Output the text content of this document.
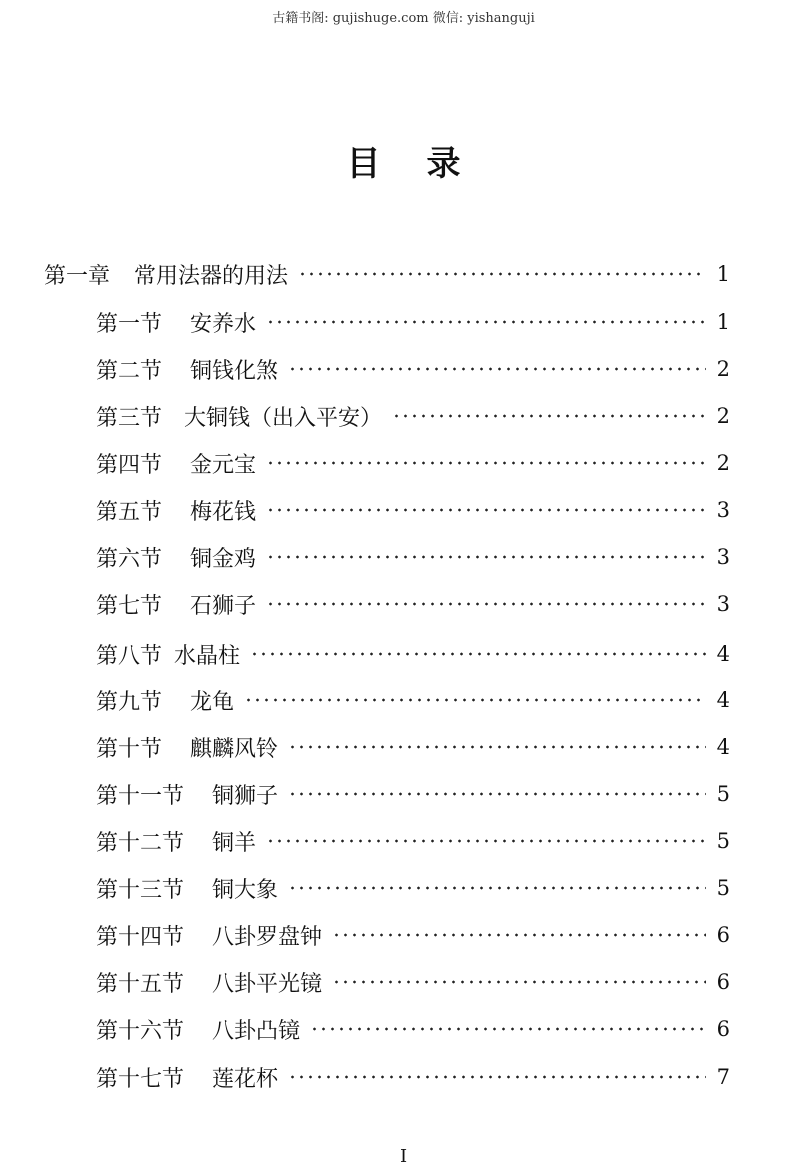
古籍书阁: gujishuge.com 微信: yishanguji
目 录
第一章 常用法器的用法	1
第一节 安养水	1
第二节 铜钱化煞	2
第三节 大铜钱（出入平安）	2
第四节 金元宝	2
第五节 梅花钱	3
第六节 铜金鸡	3
第七节 石狮子	3
第八节 水晶柱	4
第九节 龙龟	4
第十节 麒麟风铃	4
第十一节 铜狮子	5
第十二节 铜羊	5
第十三节 铜大象	5
第十四节 八卦罗盘钟	6
第十五节 八卦平光镜	6
第十六节 八卦凸镜	6
第十七节 莲花杯	7
I
